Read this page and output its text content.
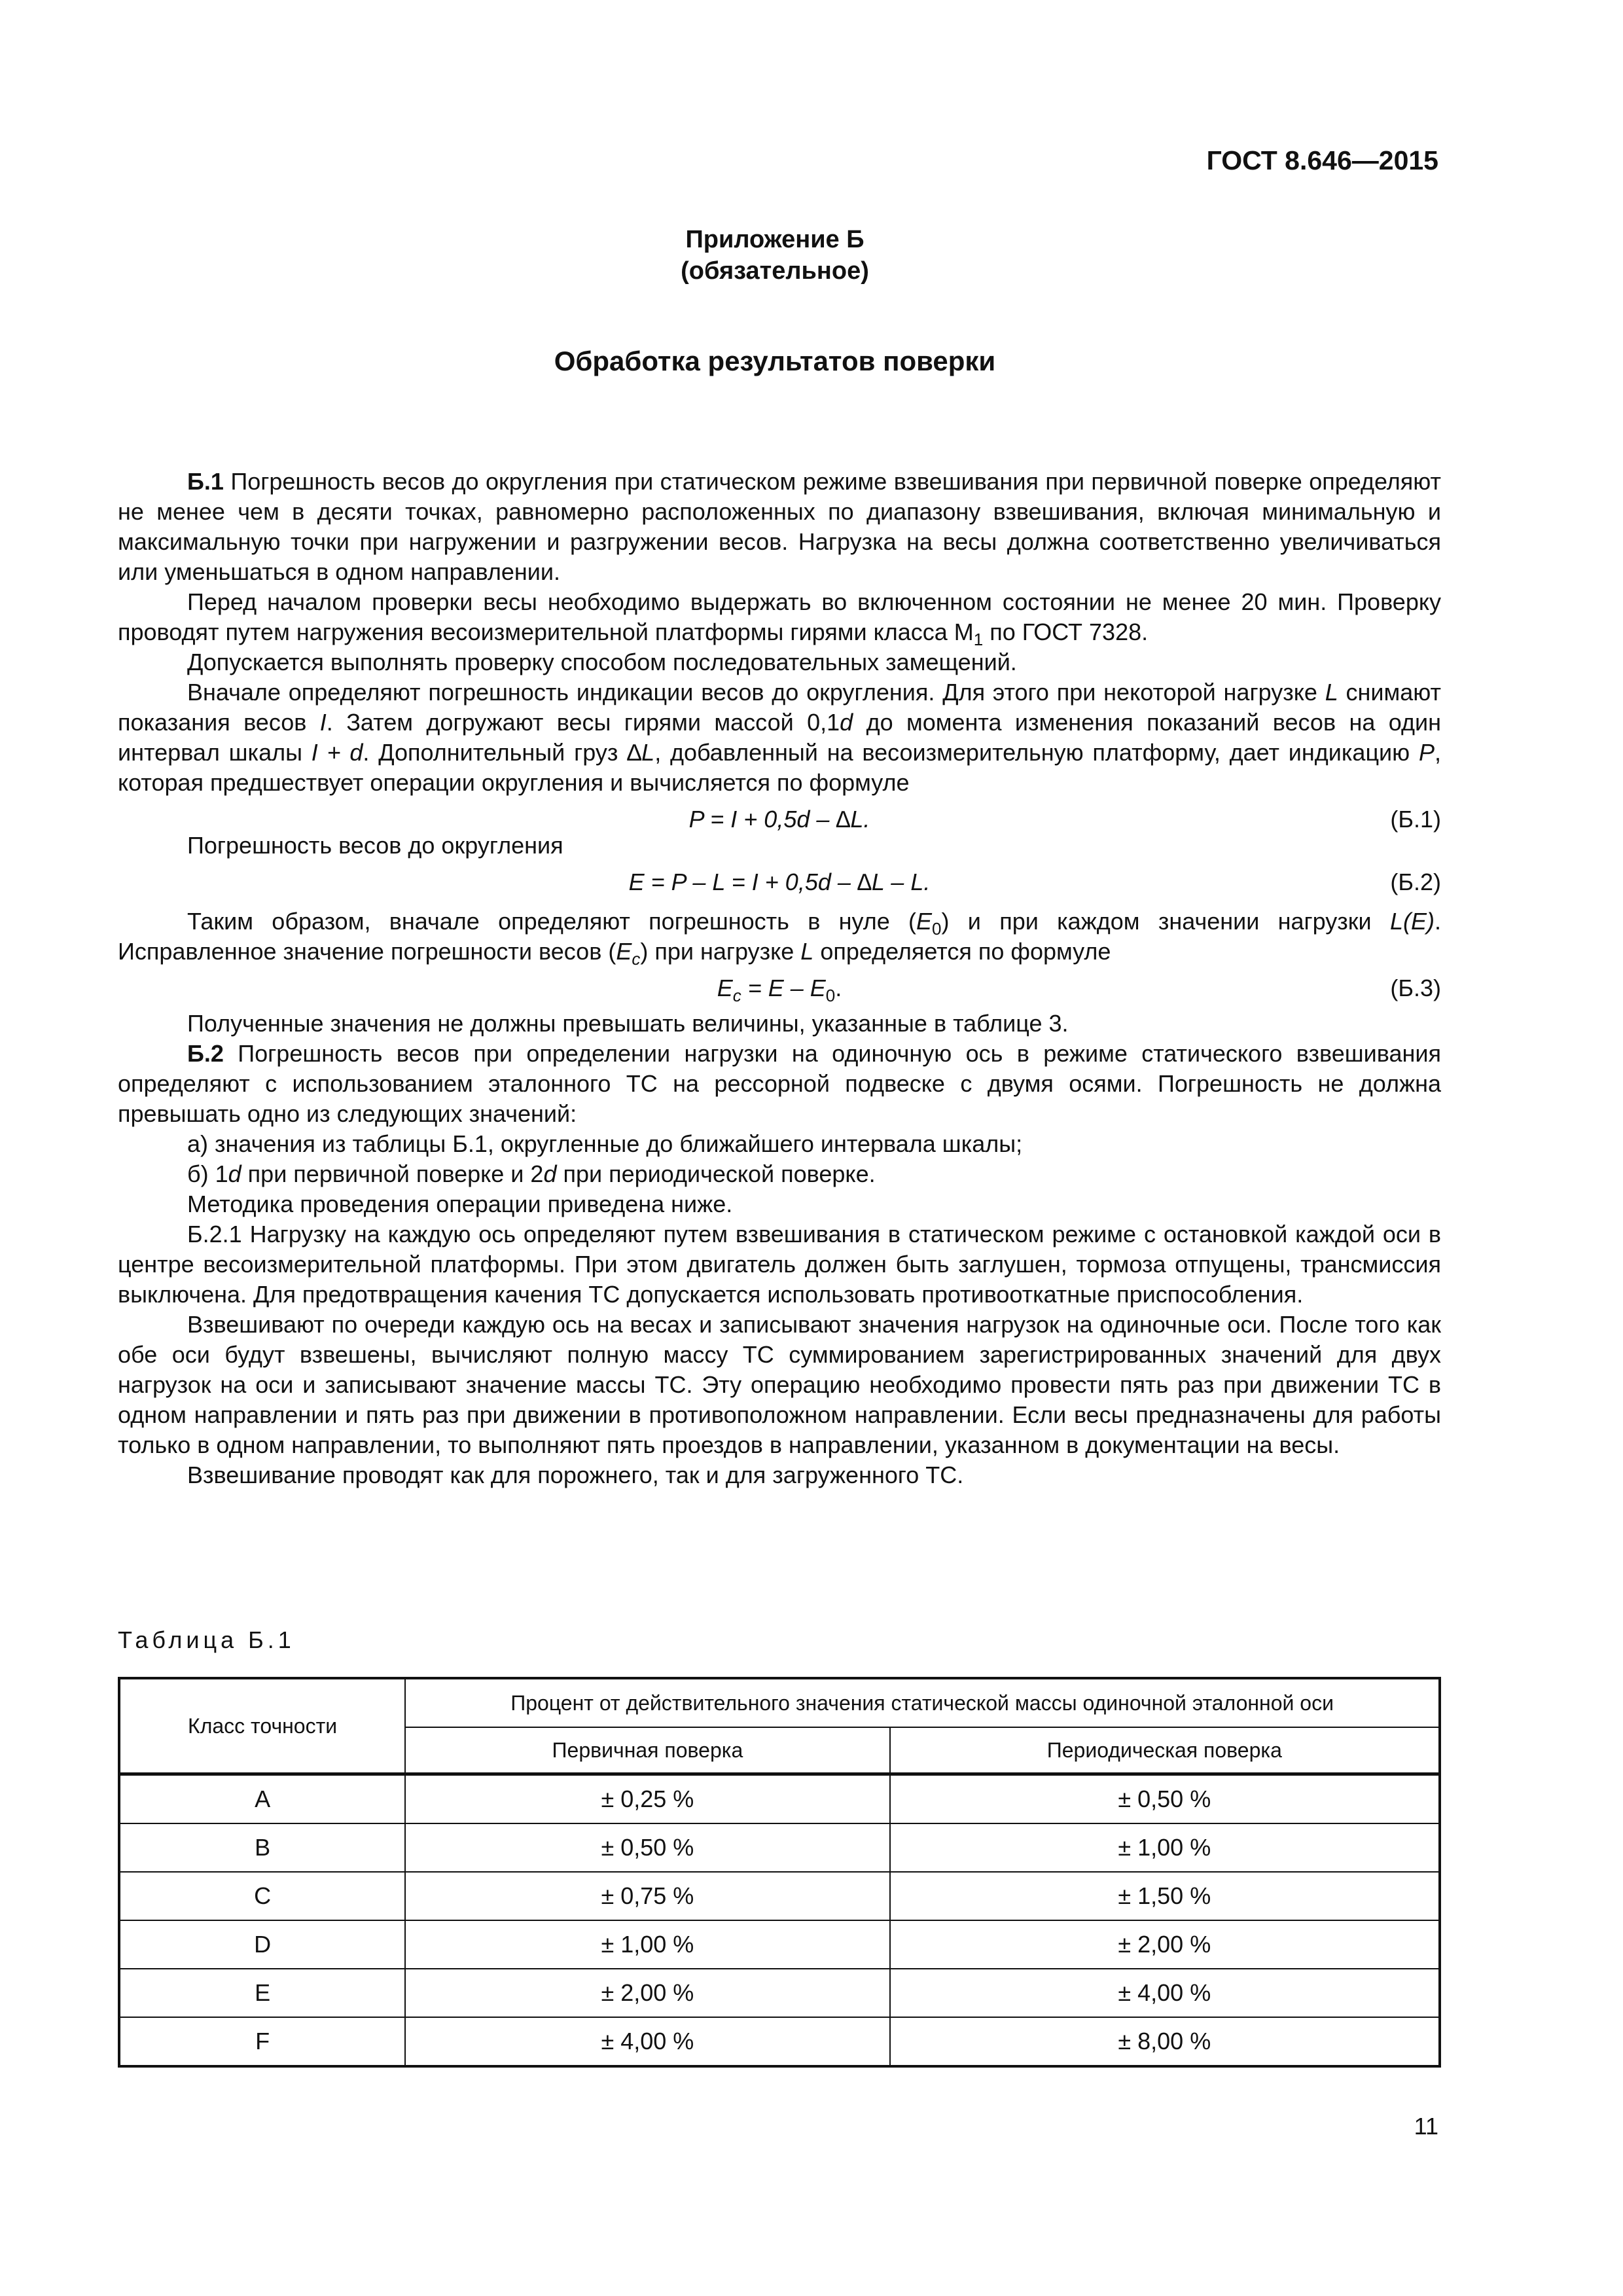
ГОСТ 8.646—2015
Приложение Б
(обязательное)
Обработка результатов поверки

Б.1 Погрешность весов до округления при статическом режиме взвешивания при первичной поверке определяют не менее чем в десяти точках, равномерно расположенных по диапазону взвешивания, включая минимальную и максимальную точки при нагружении и разгружении весов. Нагрузка на весы должна соответственно увеличиваться или уменьшаться в одном направлении.

Перед началом проверки весы необходимо выдержать во включенном состоянии не менее 20 мин. Проверку проводят путем нагружения весоизмерительной платформы гирями класса $М_1$ по ГОСТ 7328.

Допускается выполнять проверку способом последовательных замещений.

Вначале определяют погрешность индикации весов до округления. Для этого при некоторой нагрузке L снимают показания весов I. Затем догружают весы гирями массой 0,1d до момента изменения показаний весов на один интервал шкалы I + d. Дополнительный груз ∆L, добавленный на весоизмерительную платформу, дает индикацию P, которая предшествует операции округления и вычисляется по формуле

P = I + 0,5d – ∆L.	(Б.1)

Погрешность весов до округления

E = P – L = I + 0,5d – ∆L – L.	(Б.2)

Таким образом, вначале определяют погрешность в нуле $(E_0)$ и при каждом значении нагрузки L(E). Исправленное значение погрешности весов $(E_c)$ при нагрузке L определяется по формуле

$E_c = E - E_0$.	(Б.3)

Полученные значения не должны превышать величины, указанные в таблице 3.

Б.2 Погрешность весов при определении нагрузки на одиночную ось в режиме статического взвешивания определяют с использованием эталонного ТС на рессорной подвеске с двумя осями. Погрешность не должна превышать одно из следующих значений:

а) значения из таблицы Б.1, округленные до ближайшего интервала шкалы;

б) 1d при первичной поверке и 2d при периодической поверке.

Методика проведения операции приведена ниже.

Б.2.1 Нагрузку на каждую ось определяют путем взвешивания в статическом режиме с остановкой каждой оси в центре весоизмерительной платформы. При этом двигатель должен быть заглушен, тормоза отпущены, трансмиссия выключена. Для предотвращения качения ТС допускается использовать противооткатные приспособления.

Взвешивают по очереди каждую ось на весах и записывают значения нагрузок на одиночные оси. После того как обе оси будут взвешены, вычисляют полную массу ТС суммированием зарегистрированных значений для двух нагрузок на оси и записывают значение массы ТС. Эту операцию необходимо провести пять раз при движении ТС в одном направлении и пять раз при движении в противоположном направлении. Если весы предназначены для работы только в одном направлении, то выполняют пять проездов в направлении, указанном в документации на весы.

Взвешивание проводят как для порожнего, так и для загруженного ТС.

Таблица Б.1
Класс точности	Процент от действительного значения статической массы одиночной эталонной оси	
	Первичная поверка	Периодическая поверка
A	± 0,25 %	± 0,50 %
B	± 0,50 %	± 1,00 %
C	± 0,75 %	± 1,50 %
D	± 1,00 %	± 2,00 %
E	± 2,00 %	± 4,00 %
F	± 4,00 %	± 8,00 %
11
